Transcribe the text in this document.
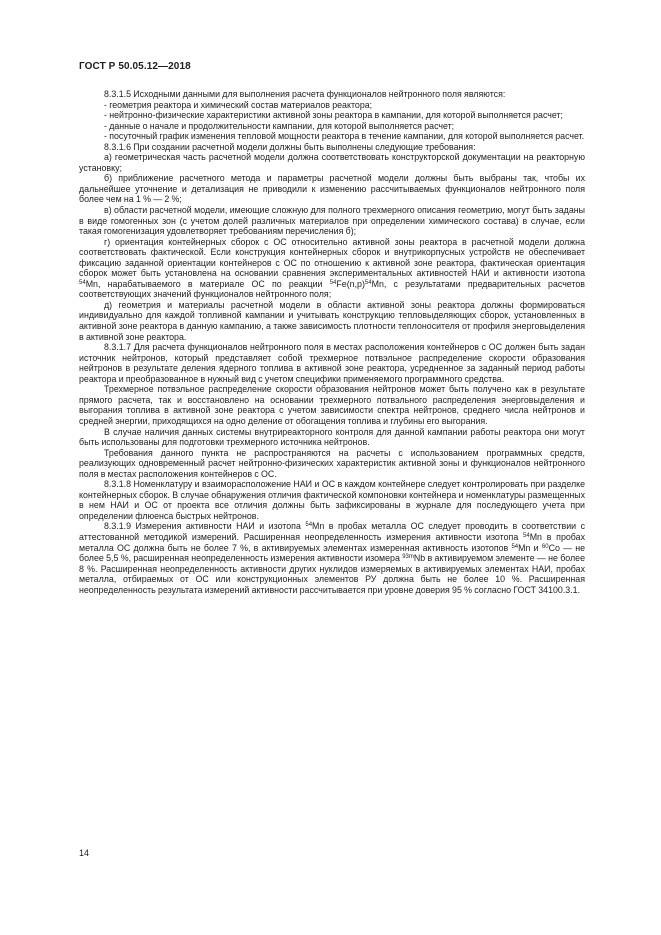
ГОСТ Р 50.05.12—2018

8.3.1.5 Исходными данными для выполнения расчета функционалов нейтронного поля являются:

- геометрия реактора и химический состав материалов реактора;

- нейтронно-физические характеристики активной зоны реактора в кампании, для которой выполняется расчет;

- данные о начале и продолжительности кампании, для которой выполняется расчет;

- посуточный график изменения тепловой мощности реактора в течение кампании, для которой выполняется расчет.

8.3.1.6 При создании расчетной модели должны быть выполнены следующие требования:

а) геометрическая часть расчетной модели должна соответствовать конструкторской документации на реакторную установку;

б) приближение расчетного метода и параметры расчетной модели должны быть выбраны так, чтобы их дальнейшее уточнение и детализация не приводили к изменению рассчитываемых функционалов нейтронного поля более чем на 1 % — 2 %;

в) области расчетной модели, имеющие сложную для полного трехмерного описания геометрию, могут быть заданы в виде гомогенных зон (с учетом долей различных материалов при определении химического состава) в случае, если такая гомогенизация удовлетворяет требованиям перечисления б);

г) ориентация контейнерных сборок с ОС относительно активной зоны реактора в расчетной модели должна соответствовать фактической. Если конструкция контейнерных сборок и внутрикорпусных устройств не обеспечивает фиксацию заданной ориентации контейнеров с ОС по отношению к активной зоне реактора, фактическая ориентация сборок может быть установлена на основании сравнения экспериментальных активностей НАИ и активности изотопа $^{54}$Mn, нарабатываемого в материале ОС по реакции $^{54}Fe(n,p)^{54}Mn$, с результатами предварительных расчетов соответствующих значений функционалов нейтронного поля;

д) геометрия и материалы расчетной модели в области активной зоны реактора должны формироваться индивидуально для каждой топливной кампании и учитывать конструкцию тепловыделяющих сборок, установленных в активной зоне реактора в данную кампанию, а также зависимость плотности теплоносителя от профиля энерговыделения в активной зоне реактора.

8.3.1.7 Для расчета функционалов нейтронного поля в местах расположения контейнеров с ОС должен быть задан источник нейтронов, который представляет собой трехмерное потвэльное распределение скорости образования нейтронов в результате деления ядерного топлива в активной зоне реактора, усредненное за заданный период работы реактора и преобразованное в нужный вид с учетом специфики применяемого программного средства.

Трехмерное потвэльное распределение скорости образования нейтронов может быть получено как в результате прямого расчета, так и восстановлено на основании трехмерного потвэльного распределения энерговыделения и выгорания топлива в активной зоне реактора с учетом зависимости спектра нейтронов, среднего числа нейтронов и средней энергии, приходящихся на одно деление от обогащения топлива и глубины его выгорания.

В случае наличия данных системы внутриреакторного контроля для данной кампании работы реактора они могут быть использованы для подготовки трехмерного источника нейтронов.

Требования данного пункта не распространяются на расчеты с использованием программных средств, реализующих одновременный расчет нейтронно-физических характеристик активной зоны и функционалов нейтронного поля в местах расположения контейнеров с ОС.

8.3.1.8 Номенклатуру и взаиморасположение НАИ и ОС в каждом контейнере следует контролировать при разделке контейнерных сборок. В случае обнаружения отличия фактической компоновки контейнера и номенклатуры размещенных в нем НАИ и ОС от проекта все отличия должны быть зафиксированы в журнале для последующего учета при определении флюенса быстрых нейтронов.

8.3.1.9 Измерения активности НАИ и изотопа $^{54}$Mn в пробах металла ОС следует проводить в соответствии с аттестованной методикой измерений. Расширенная неопределенность измерения активности изотопа $^{54}$Mn в пробах металла ОС должна быть не более 7 %, в активируемых элементах измеренная активность изотопов $^{54}$Mn и $^{60}$Co — не более 5,5 %, расширенная неопределенность измерения активности изомера $^{93m}$Nb в активируемом элементе — не более 8 %. Расширенная неопределенность активности других нуклидов измеряемых в активируемых элементах НАИ, пробах металла, отбираемых от ОС или конструкционных элементов РУ должна быть не более 10 %. Расширенная неопределенность результата измерений активности рассчитывается при уровне доверия 95 % согласно ГОСТ 34100.3.1.

14
